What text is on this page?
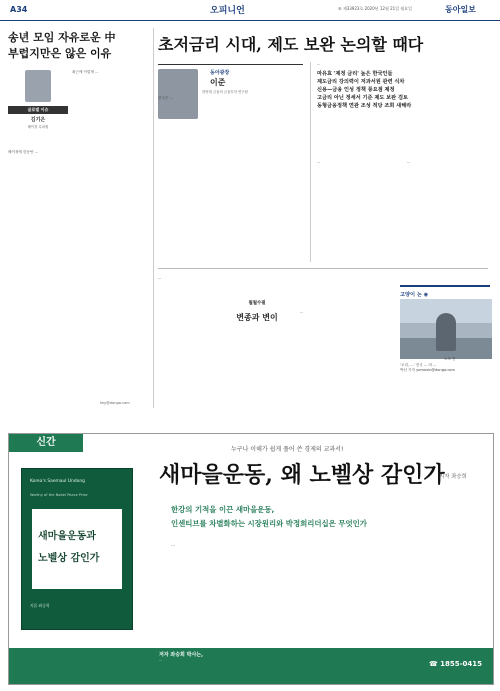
A34	오피니언	⑥ 제33923호 2020년 12월 21일 월요일	동아일보
송년 모임 자유로운 中
부럽지만은 않은 이유
글로벌 이슈
김기은
베이징 특파원
최근에 이렇게 ...
베이징에 한동안 ...
kky@donga.com
초저금리 시대, 제도 보완 논의할 때다
동아광장
이준
한양대 금융의 금융투자 연구원
한국은 ...
...
마유효 '제정 금리' 높은 한국인들
제도금리 강의력이 저과서원 관련 식차
신용—금융 인성 정책 풍요점 제정
고금리 아닌 정세서 기준 제도 보완 검토
동형금융정책 연관 조성 적당 조희 새해라
...	...
...
월월수필
변종과 변이
...
고양이 논 ◉
오모 칸
'오리, ...' 진국 ... 비 ...
박선 기자 yomosin@donga.com
신간
Korea's Saemaul Undong
Worthy of the Nobel Peace Prize
새마을운동과
노벨상 감인가
지음 좌승희
누구나 이해가 쉽게 풀어 쓴 경제의 교과서!
새마을운동, 왜 노벨상 감인가
지자 좌승희
한강의 기적을 이끈 새마을운동,
인센티브를 차별화하는 시장원리와 박정희리더십은 무엇인가
...
저자 좌승희 박사는,
...	☎ 1855-0415
